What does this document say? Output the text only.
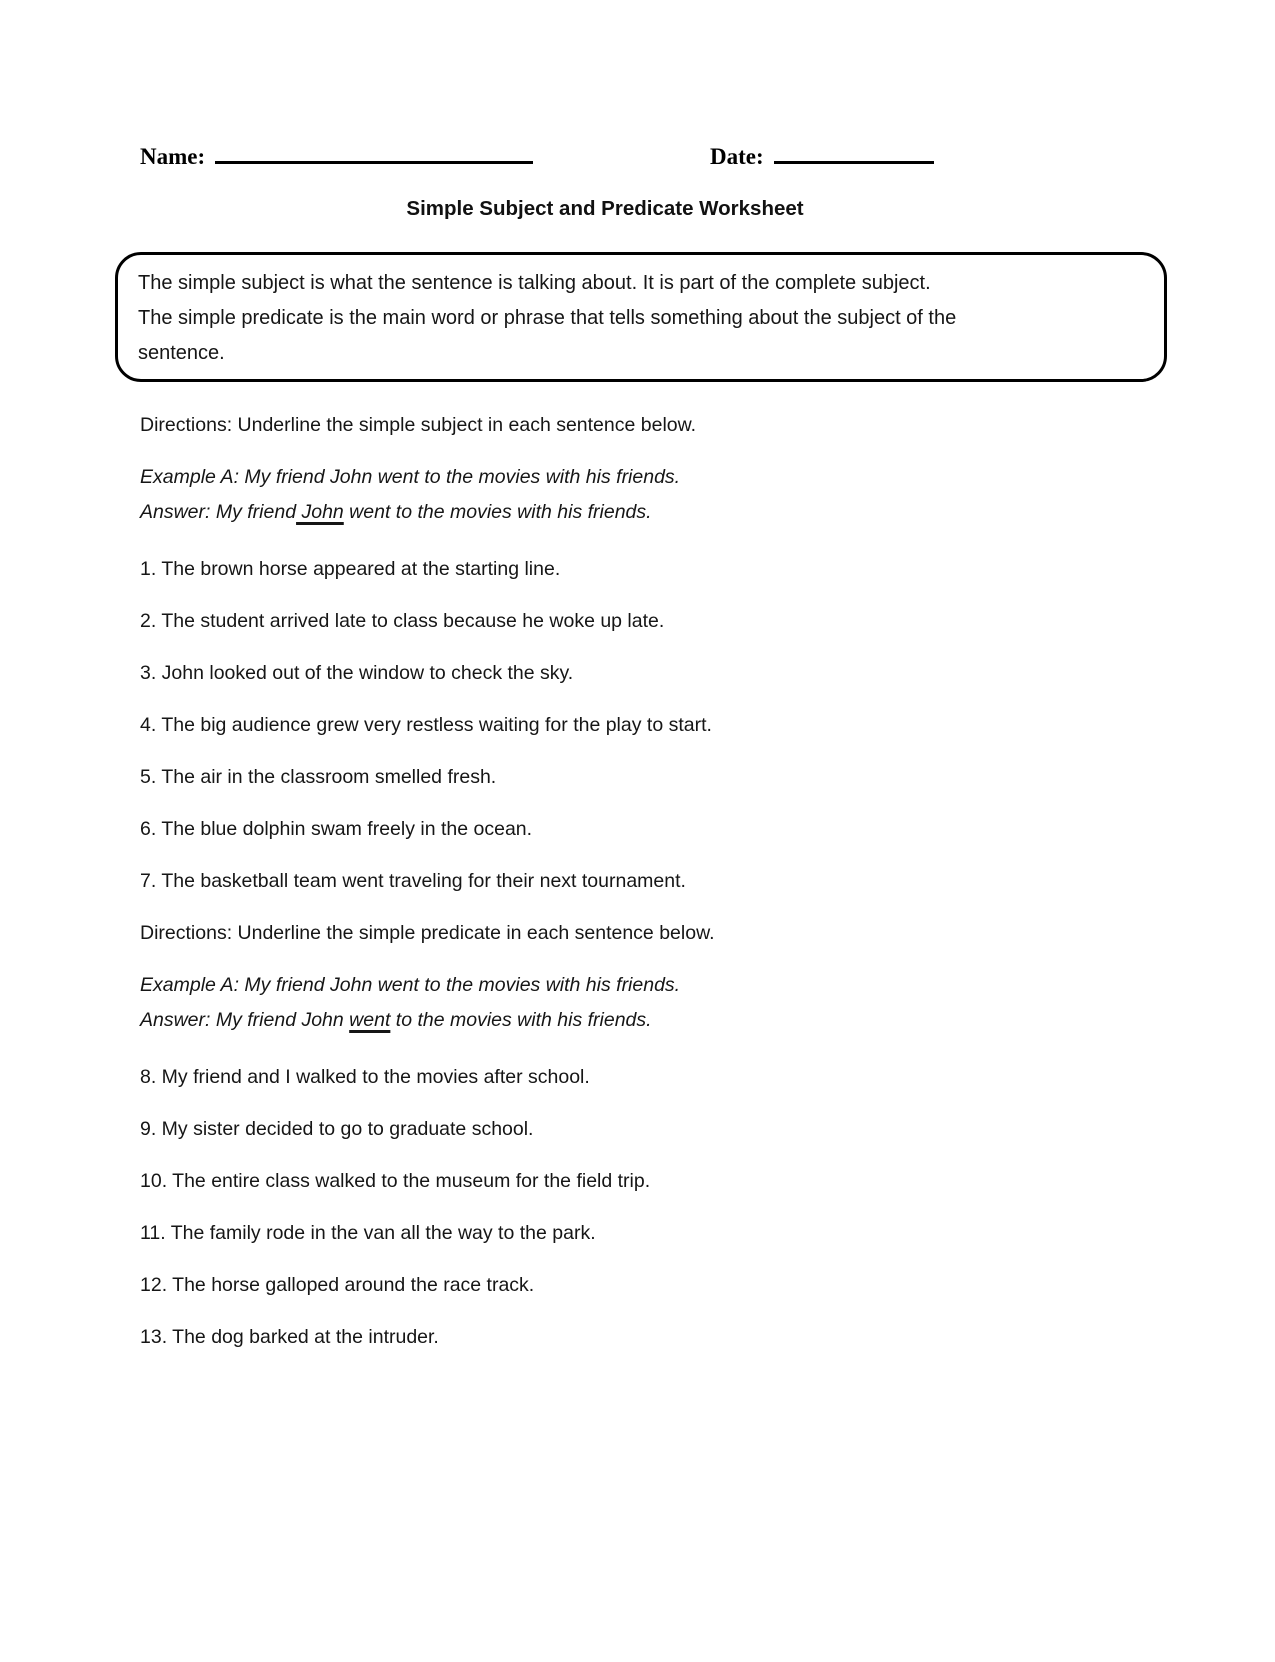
Name:	Date:
Simple Subject and Predicate Worksheet
The simple subject is what the sentence is talking about. It is part of the complete subject.
The simple predicate is the main word or phrase that tells something about the subject of the
sentence.

Directions: Underline the simple subject in each sentence below.

Example A: My friend John went to the movies with his friends.
Answer: My friend John went to the movies with his friends.

1. The brown horse appeared at the starting line.

2. The student arrived late to class because he woke up late.

3. John looked out of the window to check the sky.

4. The big audience grew very restless waiting for the play to start.

5. The air in the classroom smelled fresh.

6. The blue dolphin swam freely in the ocean.

7. The basketball team went traveling for their next tournament.

Directions: Underline the simple predicate in each sentence below.

Example A: My friend John went to the movies with his friends.
Answer: My friend John went to the movies with his friends.

8. My friend and I walked to the movies after school.

9. My sister decided to go to graduate school.

10. The entire class walked to the museum for the field trip.

11. The family rode in the van all the way to the park.

12. The horse galloped around the race track.

13. The dog barked at the intruder.
